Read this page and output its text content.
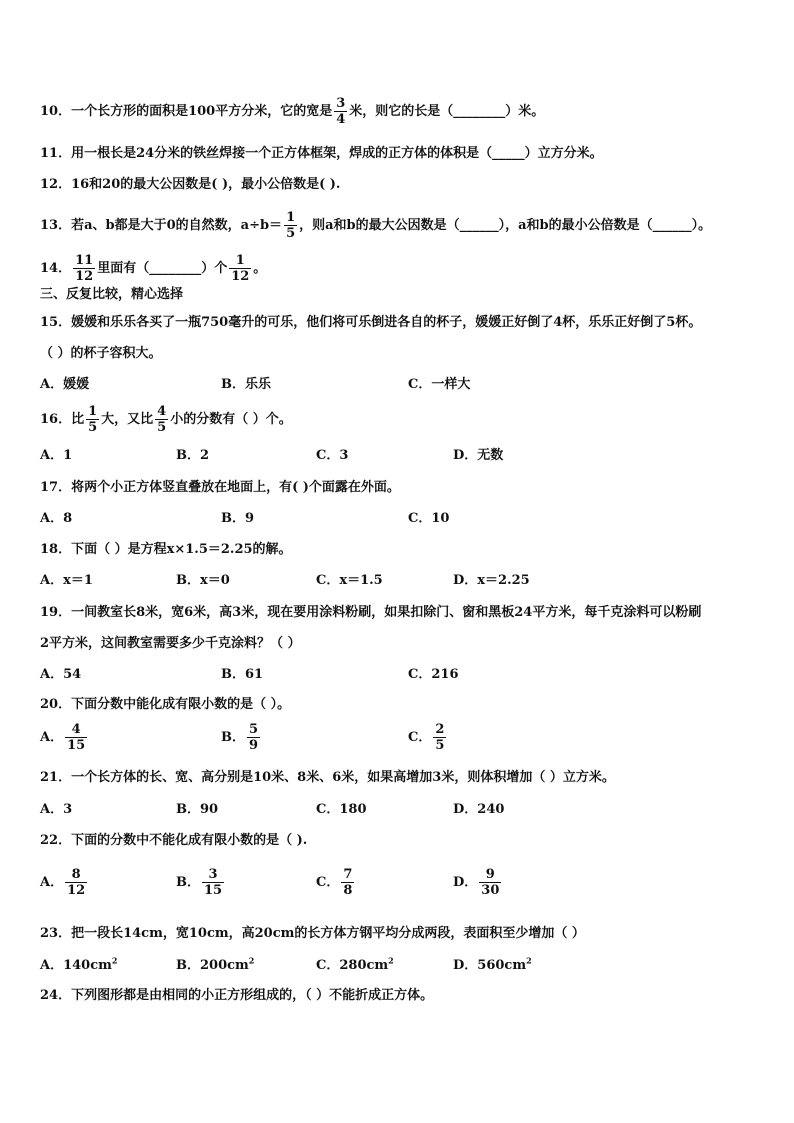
10．一个长方形的面积是100平方分米，它的宽是 $\frac{3}{4}$ 米，则它的长是（________）米。
11．用一根长是24分米的铁丝焊接一个正方体框架，焊成的正方体的体积是（_____）立方分米。
12．16和20的最大公因数是( )，最小公倍数是( ).
13．若a、b都是大于0的自然数，$a\div b= \frac{1}{5}$ ，则a和b的最大公因数是（______），a和b的最小公倍数是（______）。
14． $\frac{11}{12}$ 里面有（________）个 $\frac{1}{12}$ 。
三、反复比较，精心选择
15．媛媛和乐乐各买了一瓶750毫升的可乐，他们将可乐倒进各自的杯子，媛媛正好倒了4杯，乐乐正好倒了5杯。
（ ）的杯子容积大。
A．媛媛	B．乐乐	C．一样大
16．比 $\frac{1}{5}$ 大，又比 $\frac{4}{5}$ 小的分数有（ ）个。
A．1	B．2	C．3	D．无数
17．将两个小正方体竖直叠放在地面上，有( )个面露在外面。
A．8	B．9	C．10
18．下面（ ）是方程x×1.5＝2.25的解。
A．x＝1	B．x＝0	C．x＝1.5	D．x＝2.25
19．一间教室长8米，宽6米，高3米，现在要用涂料粉刷，如果扣除门、窗和黑板24平方米，每千克涂料可以粉刷
2平方米，这间教室需要多少千克涂料？（ ）
A．54	B．61	C．216
20．下面分数中能化成有限小数的是（ ）。
A． $\frac{4}{15}$	B． $\frac{5}{9}$	C． $\frac{2}{5}$
21．一个长方体的长、宽、高分别是10米、8米、6米，如果高增加3米，则体积增加（ ）立方米。
A．3	B．90	C．180	D．240
22．下面的分数中不能化成有限小数的是（ ).
A． $\frac{8}{12}$	B． $\frac{3}{15}$	C． $\frac{7}{8}$	D． $\frac{9}{30}$
23．把一段长14cm，宽10cm，高20cm的长方体方钢平均分成两段，表面积至少增加（ ）
A．$140cm^2$	B．$200cm^2$	C．$280cm^2$	D．$560cm^2$
24．下列图形都是由相同的小正方形组成的，（ ）不能折成正方体。
